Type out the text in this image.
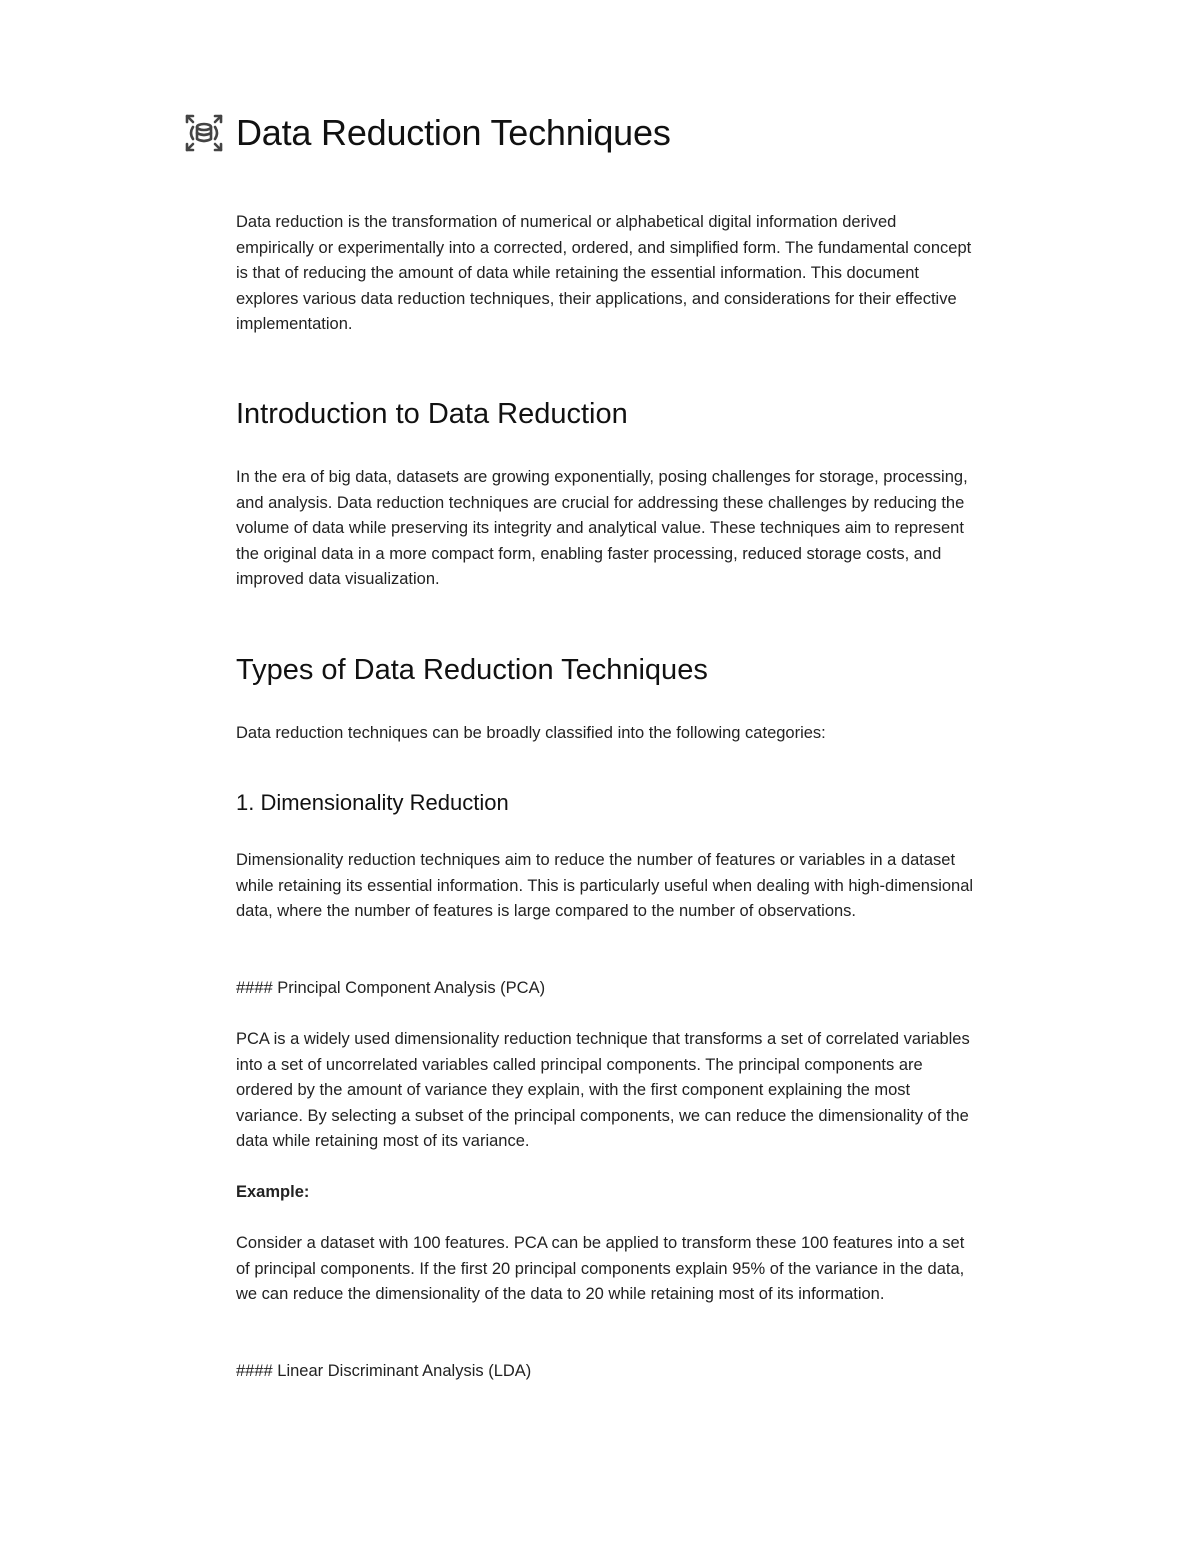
Data Reduction Techniques

Data reduction is the transformation of numerical or alphabetical digital information derived empirically or experimentally into a corrected, ordered, and simplified form. The fundamental concept is that of reducing the amount of data while retaining the essential information. This document explores various data reduction techniques, their applications, and considerations for their effective implementation.

Introduction to Data Reduction

In the era of big data, datasets are growing exponentially, posing challenges for storage, processing, and analysis. Data reduction techniques are crucial for addressing these challenges by reducing the volume of data while preserving its integrity and analytical value. These techniques aim to represent the original data in a more compact form, enabling faster processing, reduced storage costs, and improved data visualization.

Types of Data Reduction Techniques

Data reduction techniques can be broadly classified into the following categories:

1. Dimensionality Reduction

Dimensionality reduction techniques aim to reduce the number of features or variables in a dataset while retaining its essential information. This is particularly useful when dealing with high-dimensional data, where the number of features is large compared to the number of observations.

#### Principal Component Analysis (PCA)

PCA is a widely used dimensionality reduction technique that transforms a set of correlated variables into a set of uncorrelated variables called principal components. The principal components are ordered by the amount of variance they explain, with the first component explaining the most variance. By selecting a subset of the principal components, we can reduce the dimensionality of the data while retaining most of its variance.

Example:

Consider a dataset with 100 features. PCA can be applied to transform these 100 features into a set of principal components. If the first 20 principal components explain 95% of the variance in the data, we can reduce the dimensionality of the data to 20 while retaining most of its information.

#### Linear Discriminant Analysis (LDA)
